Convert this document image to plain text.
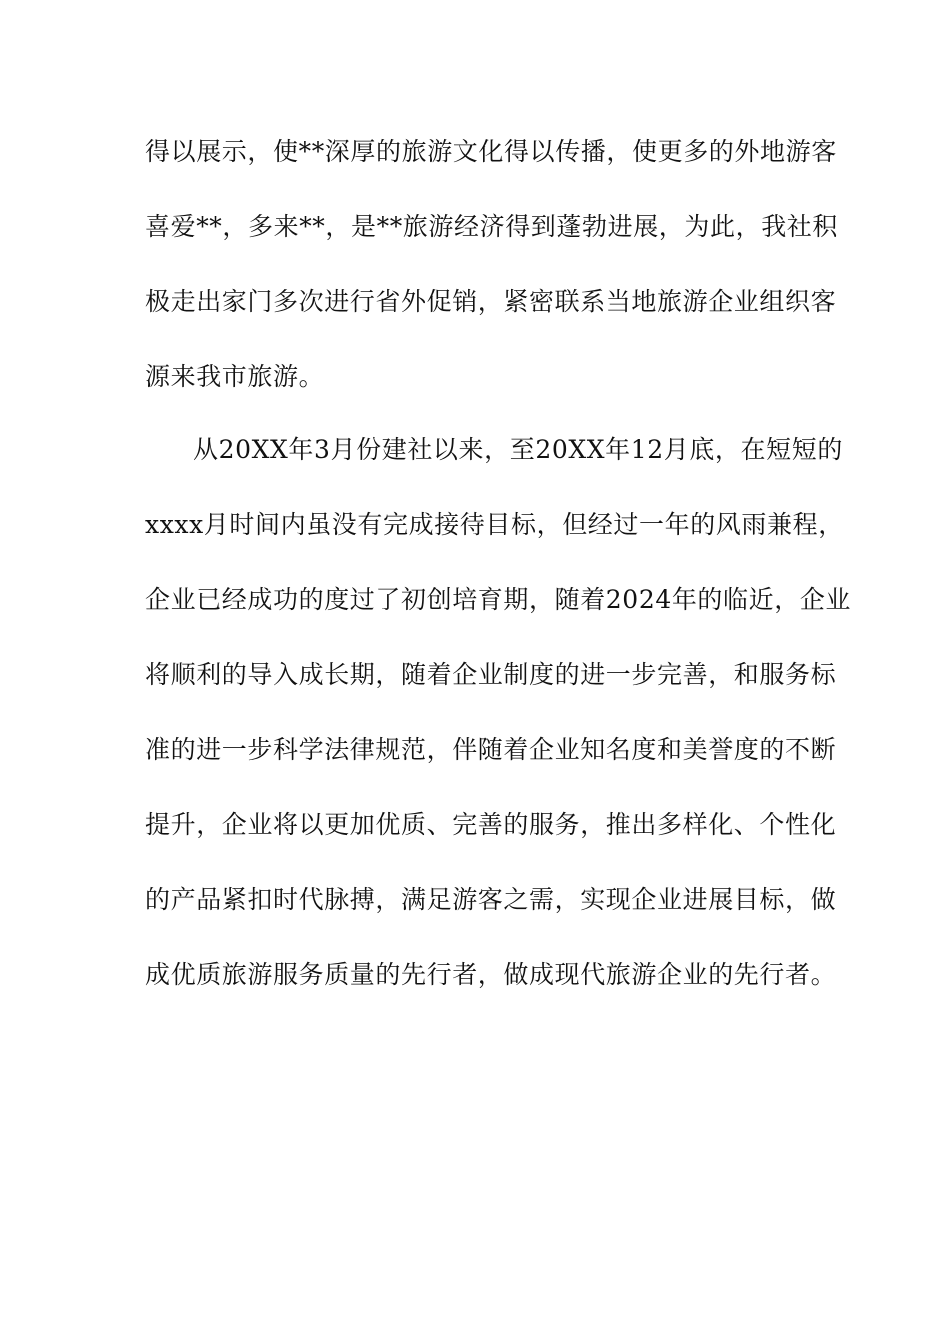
得以展示，使**深厚的旅游文化得以传播，使更多的外地游客
喜爱**，多来**，是**旅游经济得到蓬勃进展，为此，我社积
极走出家门多次进行省外促销，紧密联系当地旅游企业组织客
源来我市旅游。
从20XX年3月份建社以来，至20XX年12月底，在短短的
xxxx月时间内虽没有完成接待目标，但经过一年的风雨兼程，
企业已经成功的度过了初创培育期，随着2024年的临近，企业
将顺利的导入成长期，随着企业制度的进一步完善，和服务标
准的进一步科学法律规范，伴随着企业知名度和美誉度的不断
提升，企业将以更加优质、完善的服务，推出多样化、个性化
的产品紧扣时代脉搏，满足游客之需，实现企业进展目标，做
成优质旅游服务质量的先行者，做成现代旅游企业的先行者。
